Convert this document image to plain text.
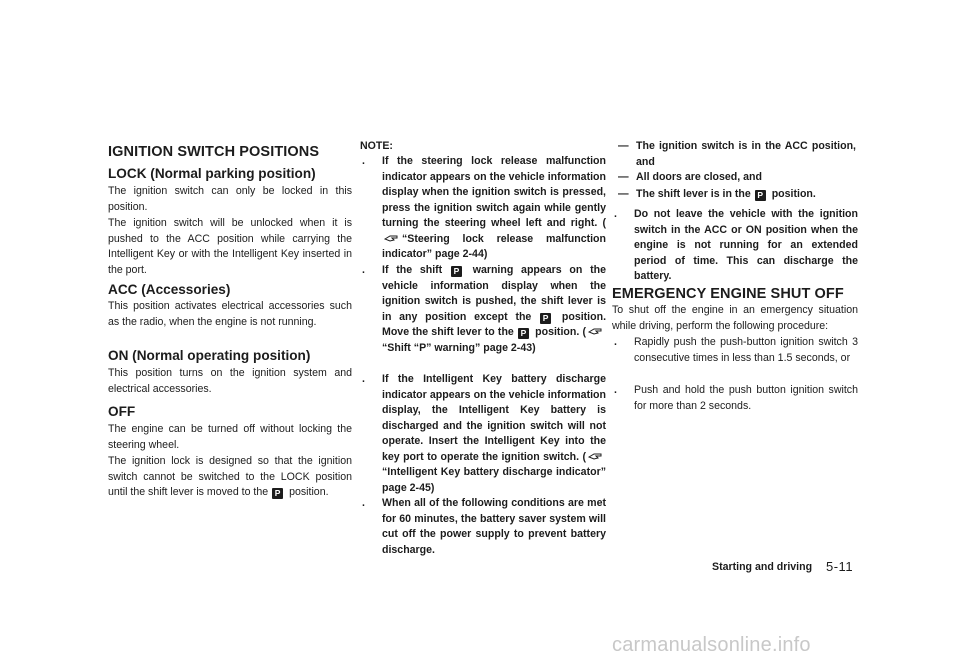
IGNITION SWITCH POSITIONS
LOCK (Normal parking position)
The ignition switch can only be locked in this position.
The ignition switch will be unlocked when it is pushed to the ACC position while carrying the Intelligent Key or with the Intelligent Key inserted in the port.
ACC (Accessories)
This position activates electrical accessories such as the radio, when the engine is not running.
ON (Normal operating position)
This position turns on the ignition system and electrical accessories.
OFF
The engine can be turned off without locking the steering wheel.
The ignition lock is designed so that the ignition switch cannot be switched to the LOCK position until the shift lever is moved to the P position.
NOTE:
. If the steering lock release malfunction indicator appears on the vehicle information display when the ignition switch is pressed, press the ignition switch again while gently turning the steering wheel left and right. (“Steering lock release malfunction indicator” page 2-44)
. If the shift P warning appears on the vehicle information display when the ignition switch is pushed, the shift lever is in any position except the P position. Move the shift lever to the P position. (“Shift “P” warning” page 2-43)
. If the Intelligent Key battery discharge indicator appears on the vehicle information display, the Intelligent Key battery is discharged and the ignition switch will not operate. Insert the Intelligent Key into the key port to operate the ignition switch. (“Intelligent Key battery discharge indicator” page 2-45)
. When all of the following conditions are met for 60 minutes, the battery saver system will cut off the power supply to prevent battery discharge.
— The ignition switch is in the ACC position, and
— All doors are closed, and
— The shift lever is in the P position.
. Do not leave the vehicle with the ignition switch in the ACC or ON position when the engine is not running for an extended period of time. This can discharge the battery.
EMERGENCY ENGINE SHUT OFF
To shut off the engine in an emergency situation while driving, perform the following procedure:
. Rapidly push the push-button ignition switch 3 consecutive times in less than 1.5 seconds, or
. Push and hold the push button ignition switch for more than 2 seconds.
Starting and driving 5-11
carmanualsonline.info
